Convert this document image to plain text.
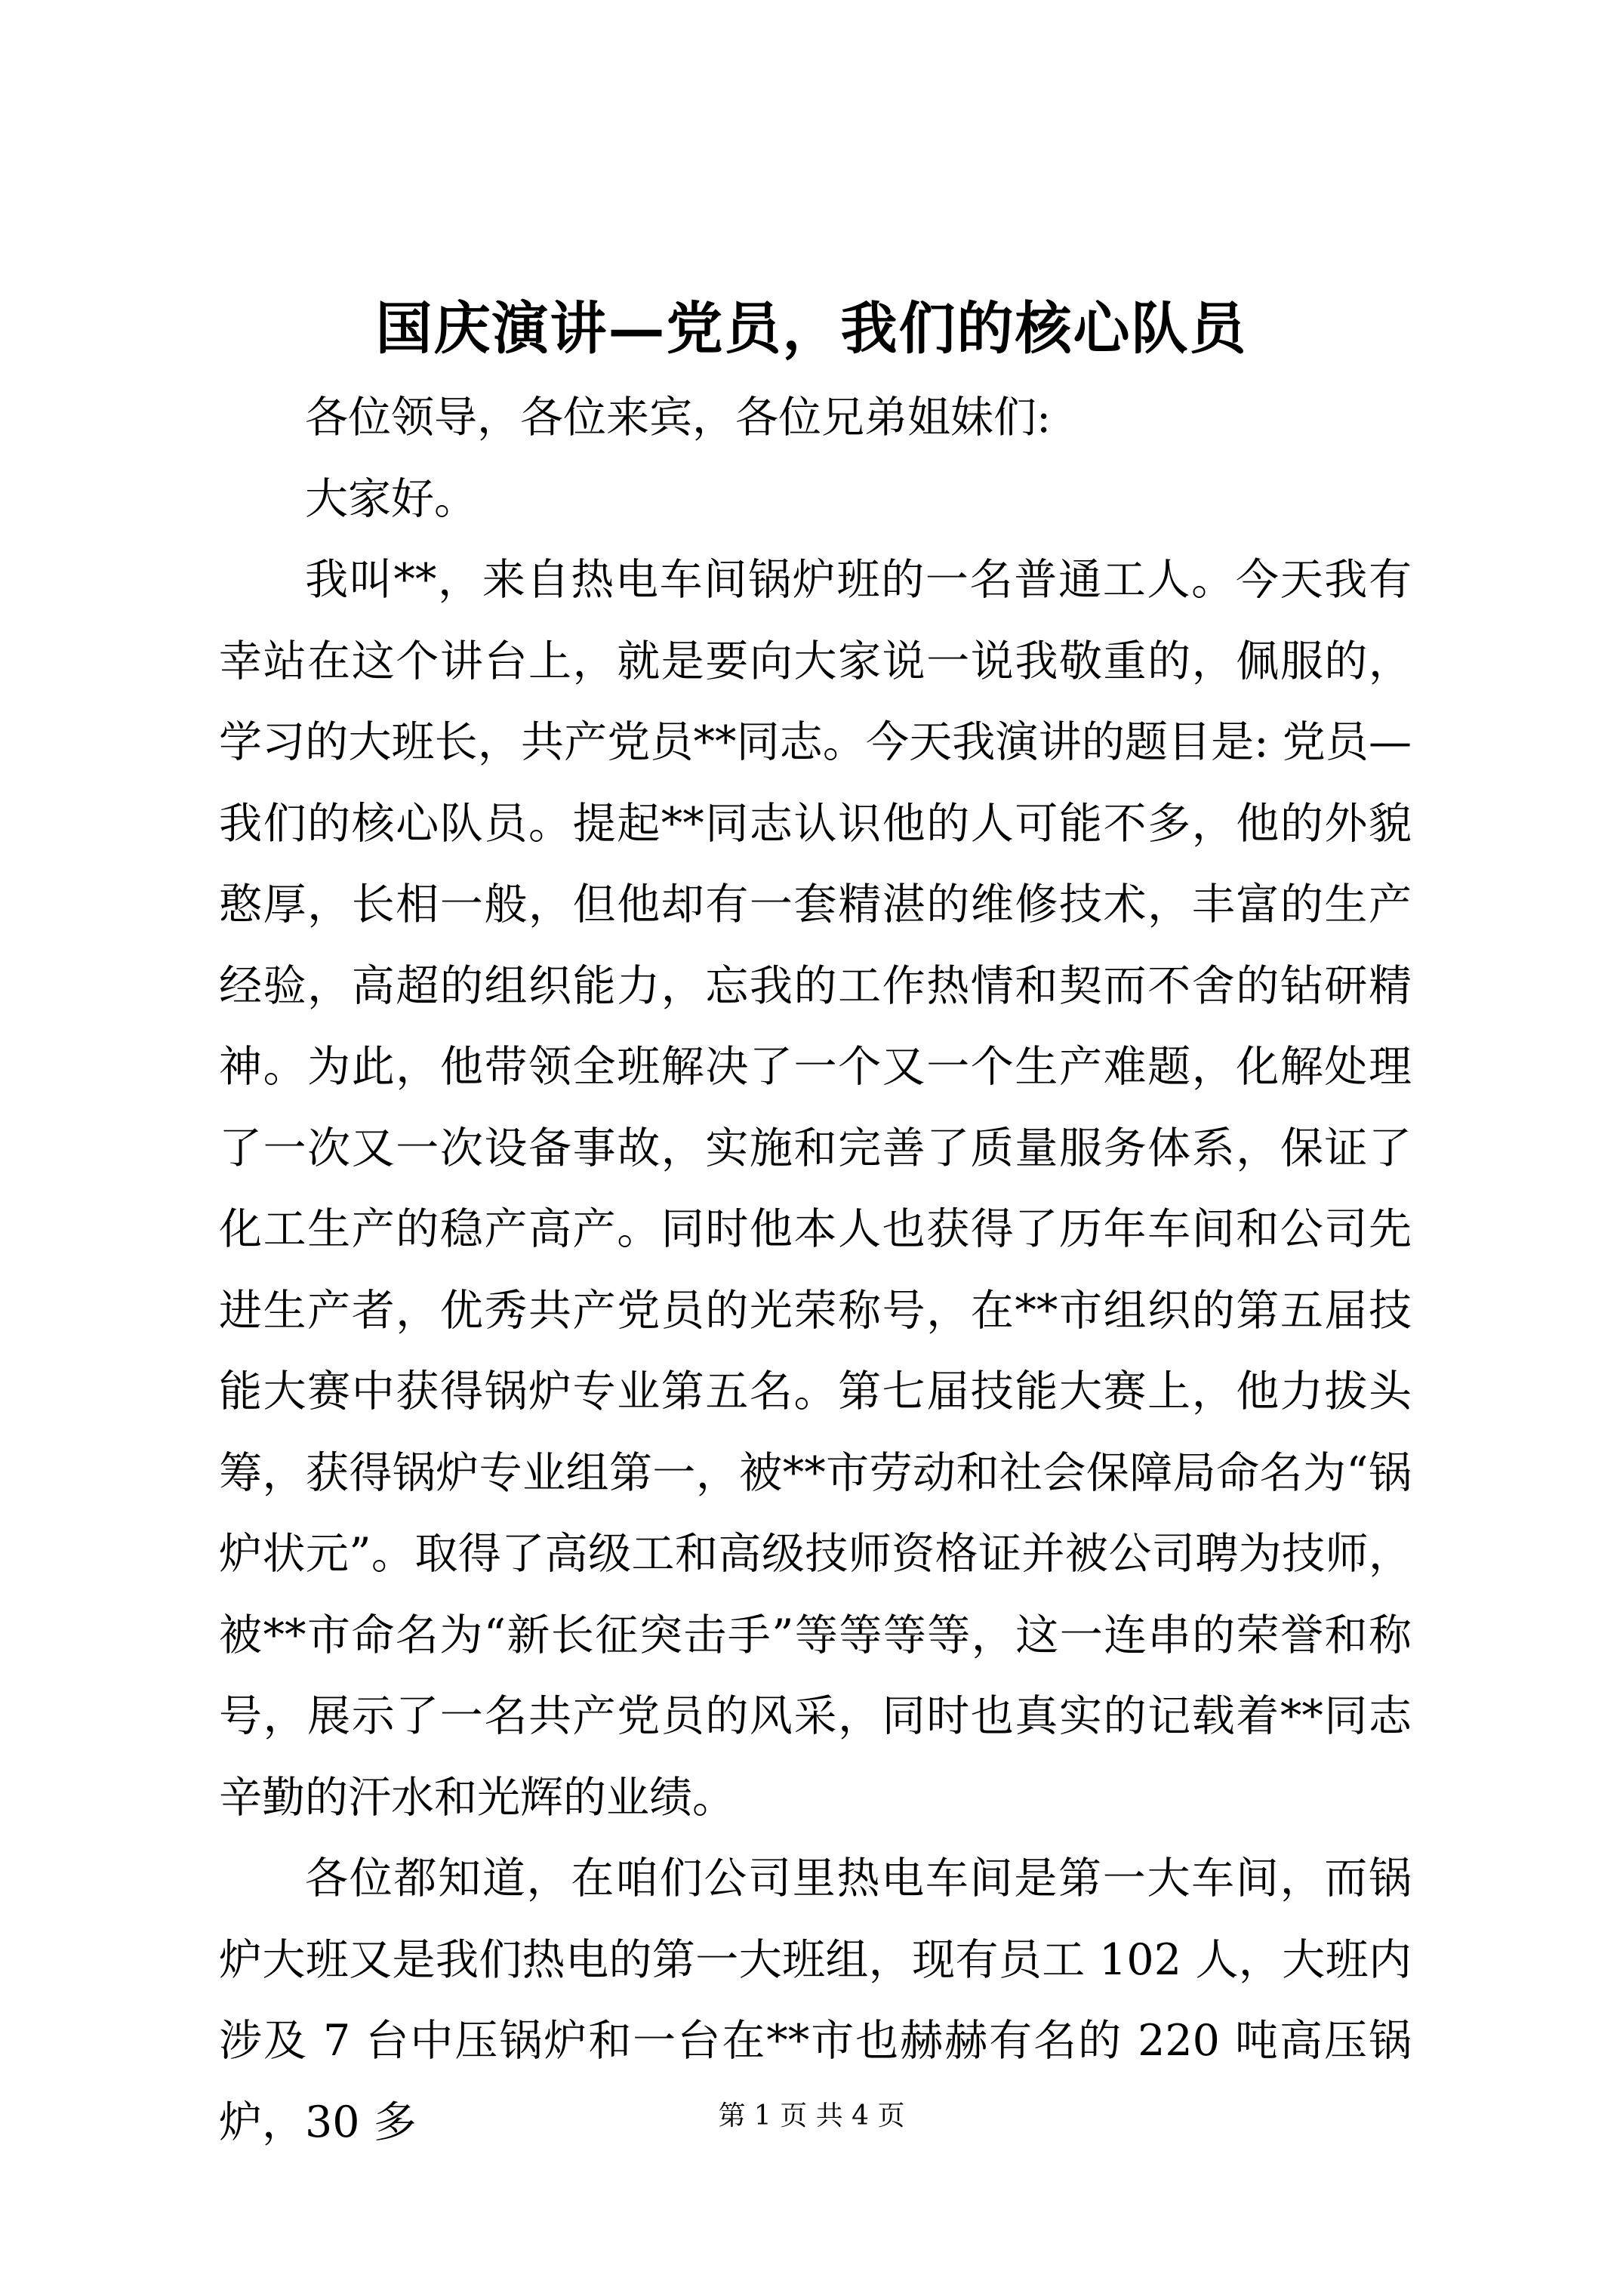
国庆演讲—党员，我们的核心队员

各位领导，各位来宾，各位兄弟姐妹们:

大家好。

我叫**，来自热电车间锅炉班的一名普通工人。今天我有幸站在这个讲台上，就是要向大家说一说我敬重的，佩服的，学习的大班长，共产党员**同志。今天我演讲的题目是: 党员—我们的核心队员。提起**同志认识他的人可能不多，他的外貌憨厚，长相一般，但他却有一套精湛的维修技术，丰富的生产经验，高超的组织能力，忘我的工作热情和契而不舍的钻研精神。为此，他带领全班解决了一个又一个生产难题，化解处理了一次又一次设备事故，实施和完善了质量服务体系，保证了化工生产的稳产高产。同时他本人也获得了历年车间和公司先进生产者，优秀共产党员的光荣称号，在**市组织的第五届技能大赛中获得锅炉专业第五名。第七届技能大赛上，他力拔头筹，获得锅炉专业组第一，被**市劳动和社会保障局命名为“锅炉状元”。取得了高级工和高级技师资格证并被公司聘为技师，被**市命名为“新长征突击手”等等等等，这一连串的荣誉和称号，展示了一名共产党员的风采，同时也真实的记载着**同志辛勤的汗水和光辉的业绩。

各位都知道，在咱们公司里热电车间是第一大车间，而锅炉大班又是我们热电的第一大班组，现有员工 102 人，大班内涉及 7 台中压锅炉和一台在**市也赫赫有名的 220 吨高压锅炉，30 多	第 1 页 共 4 页
